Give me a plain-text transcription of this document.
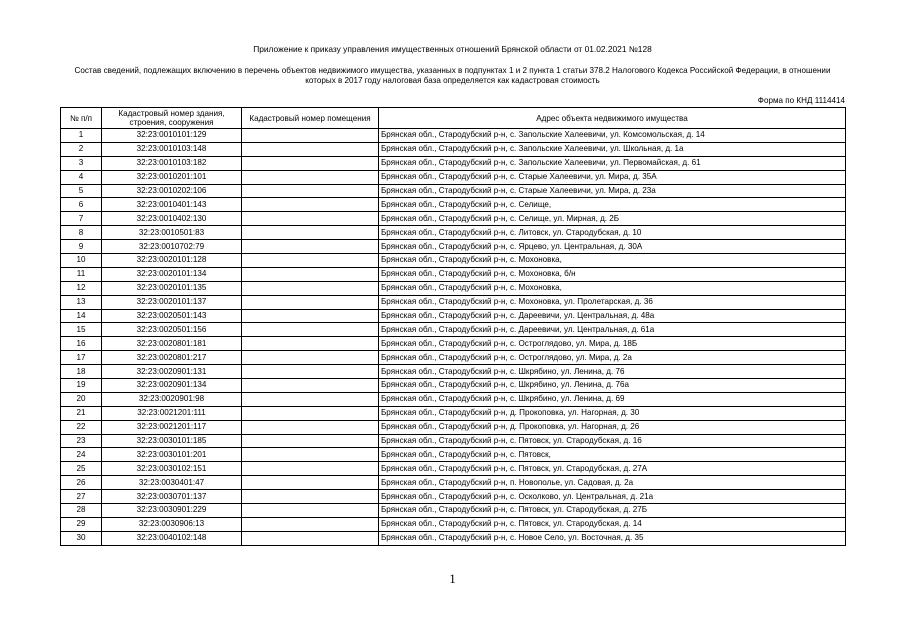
Приложение к приказу управления имущественных отношений Брянской области от 01.02.2021 №128
Состав сведений, подлежащих включению в перечень объектов недвижимого имущества, указанных в подпунктах 1 и 2 пункта 1 статьи 378.2 Налогового Кодекса Российской Федерации, в отношении которых в 2017 году налоговая база определяется как кадастровая стоимость
Форма по КНД 1114414
№ п/п	Кадастровый номер здания, строения, сооружения	Кадастровый номер помещения	Адрес объекта недвижимого имущества
1	32:23:0010101:129		Брянская обл., Стародубский р-н, с. Запольские Халеевичи, ул. Комсомольская, д. 14
2	32:23:0010103:148		Брянская обл., Стародубский р-н, с. Запольские Халеевичи, ул. Школьная, д. 1а
3	32:23:0010103:182		Брянская обл., Стародубский р-н, с. Запольские Халеевичи, ул. Первомайская, д. 61
4	32:23:0010201:101		Брянская обл., Стародубский р-н, с. Старые Халеевичи, ул. Мира, д. 35А
5	32:23:0010202:106		Брянская обл., Стародубский р-н, с. Старые Халеевичи, ул. Мира, д. 23а
6	32:23:0010401:143		Брянская обл., Стародубский р-н, с. Селище,
7	32:23:0010402:130		Брянская обл., Стародубский р-н, с. Селище, ул. Мирная, д. 2Б
8	32:23:0010501:83		Брянская обл., Стародубский р-н, с. Литовск, ул. Стародубская, д. 10
9	32:23:0010702:79		Брянская обл., Стародубский р-н, с. Ярцево, ул. Центральная, д. 30А
10	32:23:0020101:128		Брянская обл., Стародубский р-н, с. Мохоновка,
11	32:23:0020101:134		Брянская обл., Стародубский р-н, с. Мохоновка, б/н
12	32:23:0020101:135		Брянская обл., Стародубский р-н, с. Мохоновка,
13	32:23:0020101:137		Брянская обл., Стародубский р-н, с. Мохоновка, ул. Пролетарская, д. 36
14	32:23:0020501:143		Брянская обл., Стародубский р-н, с. Дареевичи, ул. Центральная, д. 48а
15	32:23:0020501:156		Брянская обл., Стародубский р-н, с. Дареевичи, ул. Центральная, д. 61а
16	32:23:0020801:181		Брянская обл., Стародубский р-н, с. Остроглядово, ул. Мира, д. 18Б
17	32:23:0020801:217		Брянская обл., Стародубский р-н, с. Остроглядово, ул. Мира, д. 2а
18	32:23:0020901:131		Брянская обл., Стародубский р-н, с. Шкрябино, ул. Ленина, д. 76
19	32:23:0020901:134		Брянская обл., Стародубский р-н, с. Шкрябино, ул. Ленина, д. 76а
20	32:23:0020901:98		Брянская обл., Стародубский р-н, с. Шкрябино, ул. Ленина, д. 69
21	32:23:0021201:111		Брянская обл., Стародубский р-н, д. Прокоповка, ул. Нагорная, д. 30
22	32:23:0021201:117		Брянская обл., Стародубский р-н, д. Прокоповка, ул. Нагорная, д. 26
23	32:23:0030101:185		Брянская обл., Стародубский р-н, с. Пятовск, ул. Стародубская, д. 16
24	32:23:0030101:201		Брянская обл., Стародубский р-н, с. Пятовск,
25	32:23:0030102:151		Брянская обл., Стародубский р-н, с. Пятовск, ул. Стародубская, д. 27А
26	32:23:0030401:47		Брянская обл., Стародубский р-н, п. Новополье, ул. Садовая, д. 2а
27	32:23:0030701:137		Брянская обл., Стародубский р-н, с. Осколково, ул. Центральная, д. 21а
28	32:23:0030901:229		Брянская обл., Стародубский р-н, с. Пятовск, ул. Стародубская, д. 27Б
29	32:23:0030906:13		Брянская обл., Стародубский р-н, с. Пятовск, ул. Стародубская, д. 14
30	32:23:0040102:148		Брянская обл., Стародубский р-н, с. Новое Село, ул. Восточная, д. 35
1
